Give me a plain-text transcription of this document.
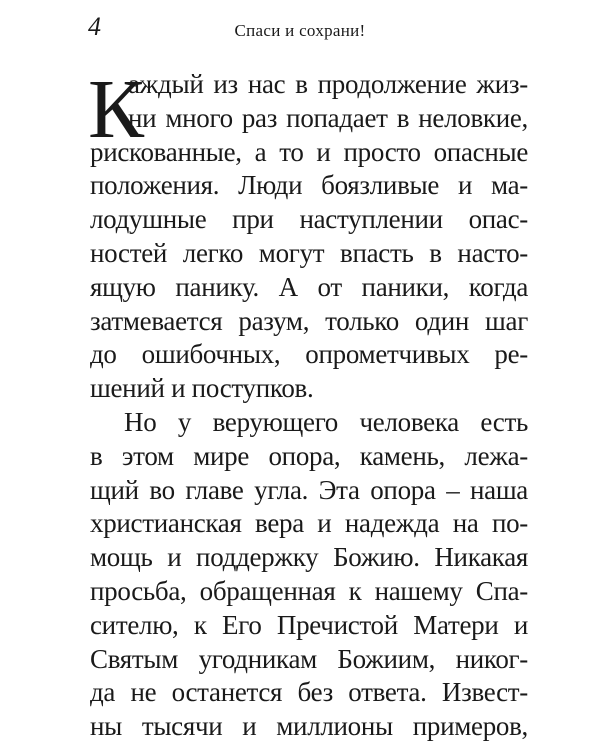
4	Спаси и сохрани!
К
аждый из нас в продолжение жиз-
ни много раз попадает в неловкие,
рискованные, а то и просто опасные
положения. Люди боязливые и ма-
лодушные при наступлении опас-
ностей легко могут впасть в насто-
ящую панику. А от паники, когда
затмевается разум, только один шаг
до ошибочных, опрометчивых ре-
шений и поступков.
Но у верующего человека есть
в этом мире опора, камень, лежа-
щий во главе угла. Эта опора – наша
христианская вера и надежда на по-
мощь и поддержку Божию. Никакая
просьба, обращенная к нашему Спа-
сителю, к Его Пречистой Матери и
Святым угодникам Божиим, никог-
да не останется без ответа. Извест-
ны тысячи и миллионы примеров,
